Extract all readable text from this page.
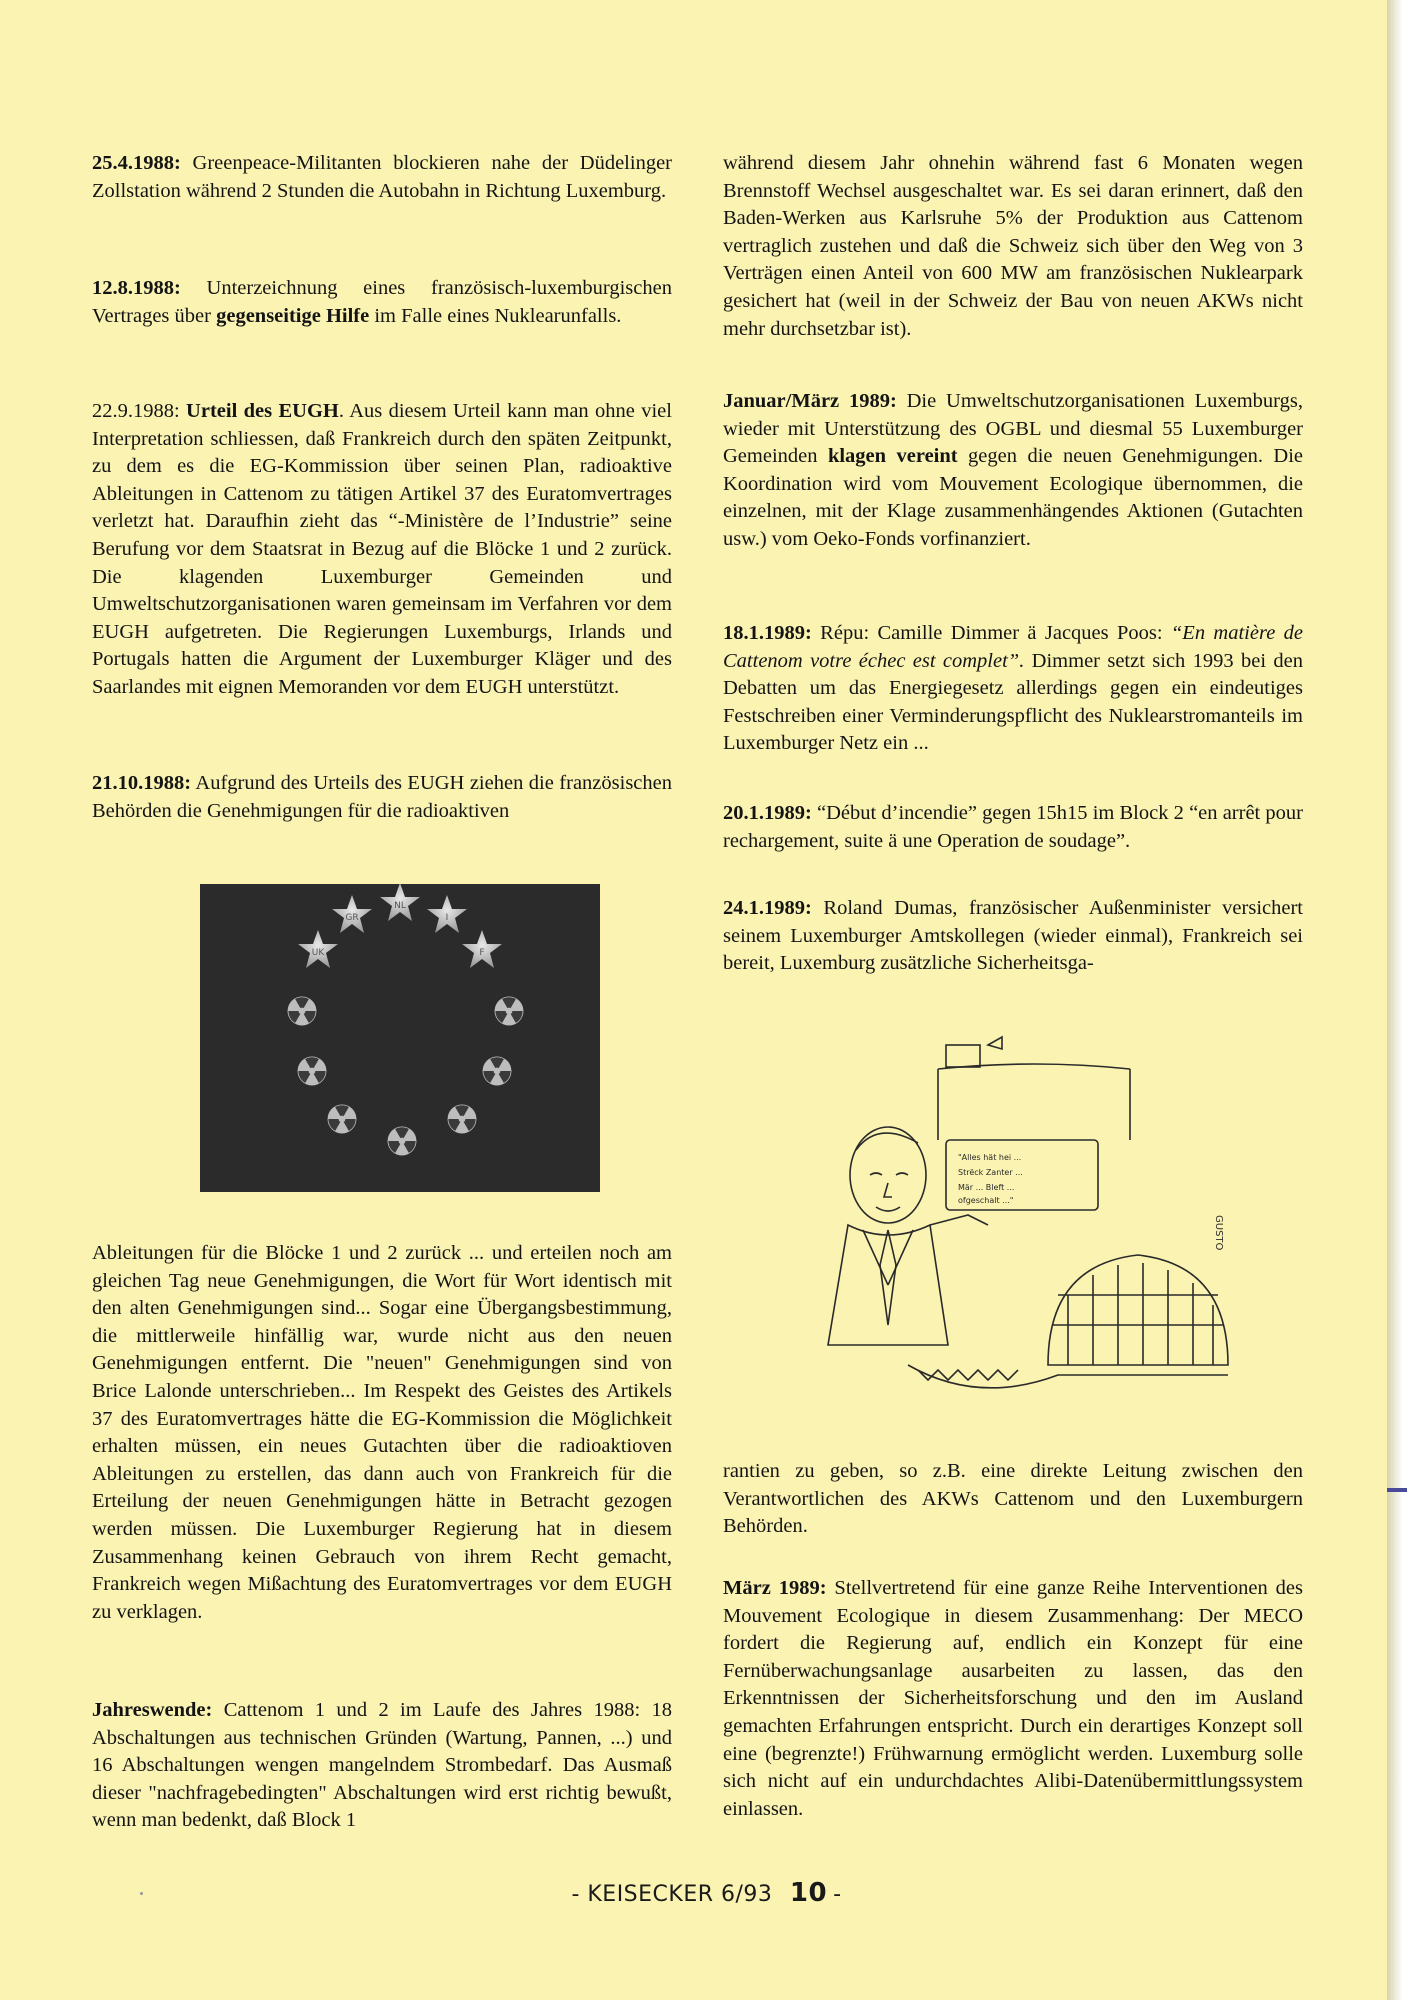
25.4.1988: Greenpeace-Militanten blockieren nahe der Düdelinger Zollstation während 2 Stunden die Autobahn in Richtung Luxemburg.

12.8.1988: Unterzeichnung eines französisch-luxemburgischen Vertrages über gegenseitige Hilfe im Falle eines Nuklearunfalls.

22.9.1988: Urteil des EUGH. Aus diesem Urteil kann man ohne viel Interpretation schliessen, daß Frankreich durch den späten Zeitpunkt, zu dem es die EG-Kommission über seinen Plan, radioaktive Ableitungen in Cattenom zu tätigen Artikel 37 des Euratomvertrages verletzt hat. Daraufhin zieht das “-Ministère de l’Industrie” seine Berufung vor dem Staatsrat in Bezug auf die Blöcke 1 und 2 zurück. Die klagenden Luxemburger Gemeinden und Umweltschutzorganisationen waren gemeinsam im Verfahren vor dem EUGH aufgetreten. Die Regierungen Luxemburgs, Irlands und Portugals hatten die Argument der Luxemburger Kläger und des Saarlandes mit eignen Memoranden vor dem EUGH unterstützt.

21.10.1988: Aufgrund des Urteils des EUGH ziehen die französischen Behörden die Genehmigungen für die radioaktiven

GR
NL
I
F
UK

Ableitungen für die Blöcke 1 und 2 zurück ... und erteilen noch am gleichen Tag neue Genehmigungen, die Wort für Wort identisch mit den alten Genehmigungen sind... Sogar eine Übergangsbestimmung, die mittlerweile hinfällig war, wurde nicht aus den neuen Genehmigungen entfernt. Die "neuen" Genehmigungen sind von Brice Lalonde unterschrieben... Im Respekt des Geistes des Artikels 37 des Euratomvertrages hätte die EG-Kommission die Möglichkeit erhalten müssen, ein neues Gutachten über die radioaktioven Ableitungen zu erstellen, das dann auch von Frankreich für die Erteilung der neuen Genehmigungen hätte in Betracht gezogen werden müssen. Die Luxemburger Regierung hat in diesem Zusammenhang keinen Gebrauch von ihrem Recht gemacht, Frankreich wegen Mißachtung des Euratomvertrages vor dem EUGH zu verklagen.

Jahreswende: Cattenom 1 und 2 im Laufe des Jahres 1988: 18 Abschaltungen aus technischen Gründen (Wartung, Pannen, ...) und 16 Abschaltungen wengen mangelndem Strombedarf. Das Ausmaß dieser "nachfragebedingten" Abschaltungen wird erst richtig bewußt, wenn man bedenkt, daß Block 1

während diesem Jahr ohnehin während fast 6 Monaten wegen Brennstoff Wechsel ausgeschaltet war. Es sei daran erinnert, daß den Baden-Werken aus Karlsruhe 5% der Produktion aus Cattenom vertraglich zustehen und daß die Schweiz sich über den Weg von 3 Verträgen einen Anteil von 600 MW am französischen Nuklearpark gesichert hat (weil in der Schweiz der Bau von neuen AKWs nicht mehr durchsetzbar ist).

Januar/März 1989: Die Umweltschutzorganisationen Luxemburgs, wieder mit Unterstützung des OGBL und diesmal 55 Luxemburger Gemeinden klagen vereint gegen die neuen Genehmigungen. Die Koordination wird vom Mouvement Ecologique übernommen, die einzelnen, mit der Klage zusammenhängendes Aktionen (Gutachten usw.) vom Oeko-Fonds vorfinanziert.

18.1.1989: Répu: Camille Dimmer ä Jacques Poos: “En matière de Cattenom votre échec est complet”. Dimmer setzt sich 1993 bei den Debatten um das Energiegesetz allerdings gegen ein eindeutiges Festschreiben einer Verminderungspflicht des Nuklearstromanteils im Luxemburger Netz ein ...

20.1.1989: “Début d’incendie” gegen 15h15 im Block 2 “en arrêt pour rechargement, suite ä une Operation de soudage”.

24.1.1989: Roland Dumas, französischer Außenminister versichert seinem Luxemburger Amtskollegen (wieder einmal), Frankreich sei bereit, Luxemburg zusätzliche Sicherheitsga-

"Alles hät hei ...
Strëck Zanter ...
Mär ... Bleft ...
ofgeschalt ..."
GUSTO

rantien zu geben, so z.B. eine direkte Leitung zwischen den Verantwortlichen des AKWs Cattenom und den Luxemburgern Behörden.

März 1989: Stellvertretend für eine ganze Reihe Interventionen des Mouvement Ecologique in diesem Zusammenhang: Der MECO fordert die Regierung auf, endlich ein Konzept für eine Fernüberwachungsanlage ausarbeiten zu lassen, das den Erkenntnissen der Sicherheitsforschung und den im Ausland gemachten Erfahrungen entspricht. Durch ein derartiges Konzept soll eine (begrenzte!) Frühwarnung ermöglicht werden. Luxemburg solle sich nicht auf ein undurchdachtes Alibi-Datenübermittlungssystem einlassen.

- KEISECKER 6/93 10 -
